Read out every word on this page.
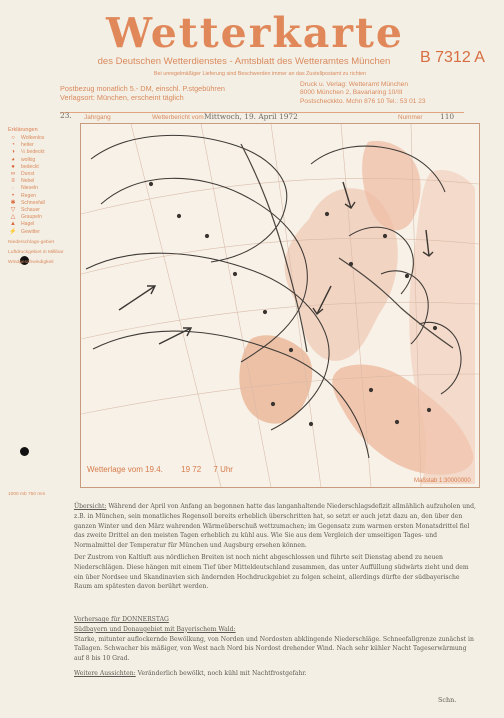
Wetterkarte
des Deutschen Wetterdienstes - Amtsblatt des Wetteramtes München	B 7312 A
Bei unregelmäßiger Lieferung sind Beschwerden immer an das Zustellpostamt zu richten
Postbezug monatlich 5.- DM, einschl. P.stgebühren
Verlagsort: München, erscheint täglich
Druck u. Verlag: Wetteramt München
8000 München 2, Bavariaring 10/III
Postscheckkto. Mchn 876 10 Tel.: 53 01 23
23. Jahrgang	Wetterbericht vom Mittwoch, 19. April 1972	Nummer 110
Erklärungen
○	Wolkenlos
◔	heiter
◑	½ bedeckt
◕	wolkig
●	bedeckt
∞	Dunst
≡	Nebel
˒	Nieseln
•	Regen
✱	Schneefall
▽	Schauer
△	Graupeln
▲ Hagel
⚡ Gewitter
Niederschlags-gebiet
Luftdruckgebiet in Millibar
Windgeschwindigkeit
1000 mb 750 mm
Wetterlage vom 19.4. 19 72 7 Uhr
Maßstab 1:30000000
Übersicht: Während der April von Anfang an begonnen hatte das langanhaltende Niederschlagsdefizit allmählich aufzuholen und, z.B. in München, sein monatliches Regensoll bereits erheblich überschritten hat, so setzt er auch jetzt dazu an, den über den ganzen Winter und den März wahrenden Wärmeüberschuß wettzumachen; im Gegensatz zum warmen ersten Monatsdrittel fiel das zweite Drittel an den meisten Tagen erheblich zu kühl aus. Wie Sie aus dem Vergleich der umseitigen Tages- und Normalmittel der Temperatur für München und Augsburg ersehen können.
Der Zustrom von Kaltluft aus nördlichen Breiten ist noch nicht abgeschlossen und führte seit Dienstag abend zu neuen Niederschlägen. Diese hängen mit einem Tief über Mitteldeutschland zusammen, das unter Auffüllung südwärts zieht und dem ein über Nordsee und Skandinavien sich ändernden Hochdruckgebiet zu folgen scheint, allerdings dürfte der südbayerische Raum am spätesten davon berührt werden.
Vorhersage für DONNERSTAG
Südbayern und Donaugebiet mit Bayerischem Wald:
Starke, mitunter auflockernde Bewölkung, von Norden und Nordosten abklingende Niederschläge. Schneefallgrenze zunächst in Tallagen. Schwacher bis mäßiger, von West nach Nord bis Nordost drehender Wind. Nach sehr kühler Nacht Tageserwärmung auf 8 bis 10 Grad.
Weitere Aussichten: Veränderlich bewölkt, noch kühl mit Nachtfrostgefahr.
Schn.
